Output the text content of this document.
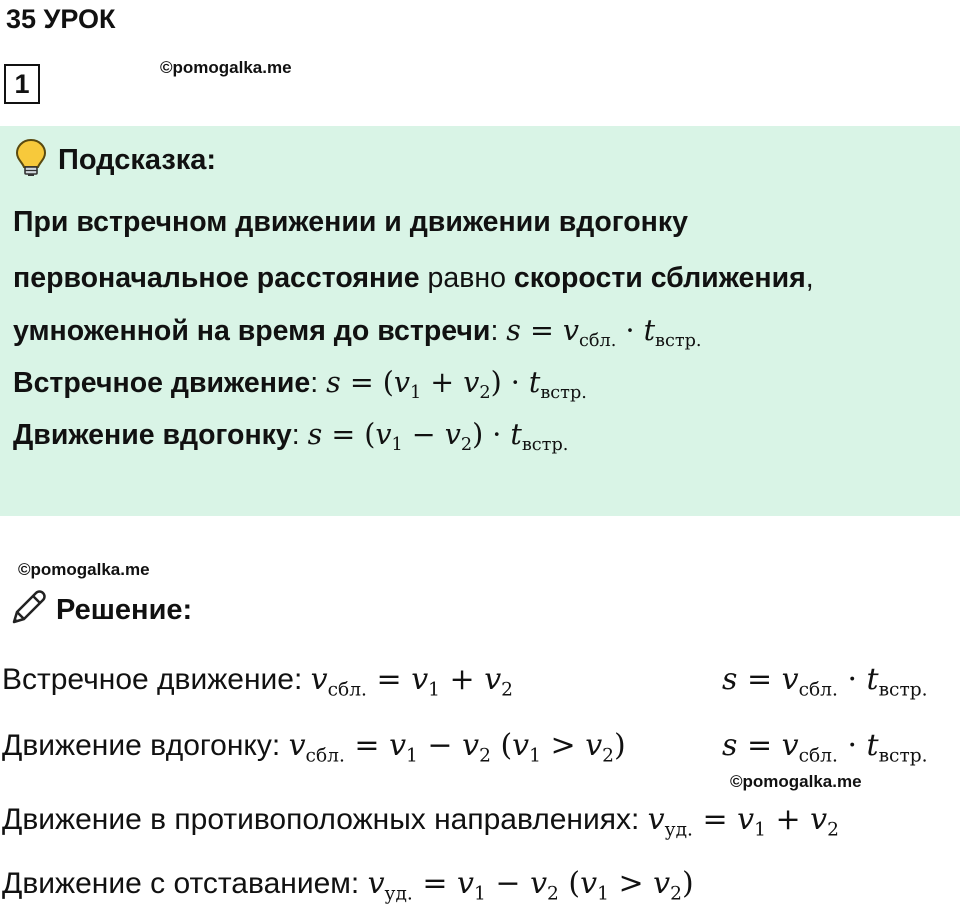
35 УРОК
1
©pomogalka.me
Подсказка:
При встречном движении и движении вдогонку
первоначальное расстояние равно скорости сближения,
умноженной на время до встречи: $s = v_{сбл.} \cdot t_{встр.}$
Встречное движение: $s = (v_1 + v_2) \cdot t_{встр.}$
Движение вдогонку: $s = (v_1 - v_2) \cdot t_{встр.}$
©pomogalka.me
Решение:
Встречное движение: $v_{сбл.} = v_1 + v_2$	$s = v_{сбл.} \cdot t_{встр.}$
Движение вдогонку: $v_{сбл.} = v_1 - v_2$ $(v_1 > v_2)$	$s = v_{сбл.} \cdot t_{встр.}$
©pomogalka.me
Движение в противоположных направлениях: $v_{уд.} = v_1 + v_2$
Движение с отставанием: $v_{уд.} = v_1 - v_2$ $(v_1 > v_2)$
